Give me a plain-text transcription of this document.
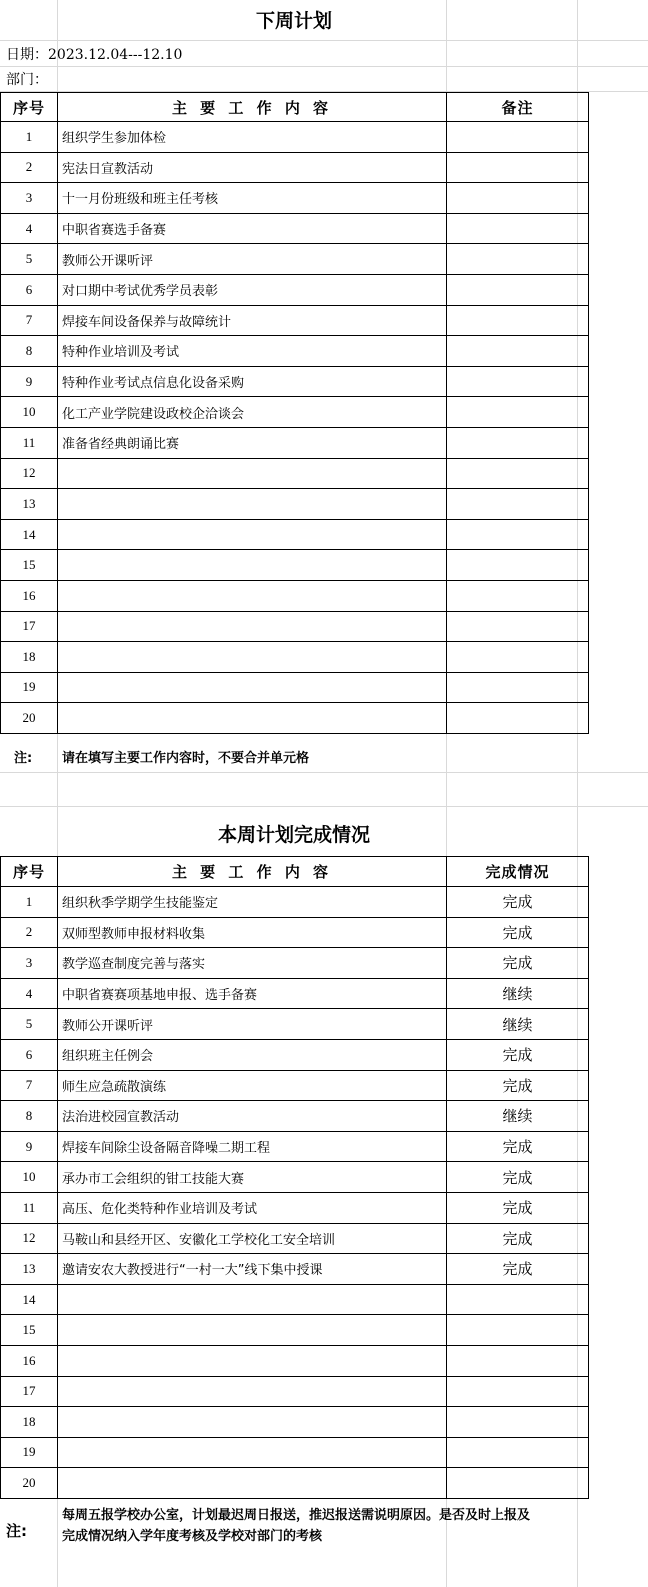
下周计划
日期：2023.12.04---12.10
部门：
序号	主 要 工 作 内 容	备注
1	组织学生参加体检	
2	宪法日宣教活动	
3	十一月份班级和班主任考核	
4	中职省赛选手备赛	
5	教师公开课听评	
6	对口期中考试优秀学员表彰	
7	焊接车间设备保养与故障统计	
8	特种作业培训及考试	
9	特种作业考试点信息化设备采购	
10	化工产业学院建设政校企洽谈会	
11	准备省经典朗诵比赛	
12		
13		
14		
15		
16		
17		
18		
19		
20		
注: 请在填写主要工作内容时，不要合并单元格
本周计划完成情况
序号	主 要 工 作 内 容	完成情况
1	组织秋季学期学生技能鉴定	完成
2	双师型教师申报材料收集	完成
3	教学巡查制度完善与落实	完成
4	中职省赛赛项基地申报、选手备赛	继续
5	教师公开课听评	继续
6	组织班主任例会	完成
7	师生应急疏散演练	完成
8	法治进校园宣教活动	继续
9	焊接车间除尘设备隔音降噪二期工程	完成
10	承办市工会组织的钳工技能大赛	完成
11	高压、危化类特种作业培训及考试	完成
12	马鞍山和县经开区、安徽化工学校化工安全培训	完成
13	邀请安农大教授进行“一村一大”线下集中授课	完成
14		
15		
16		
17		
18		
19		
20		
注:
每周五报学校办公室，计划最迟周日报送，推迟报送需说明原因。是否及时上报及
完成情况纳入学年度考核及学校对部门的考核
